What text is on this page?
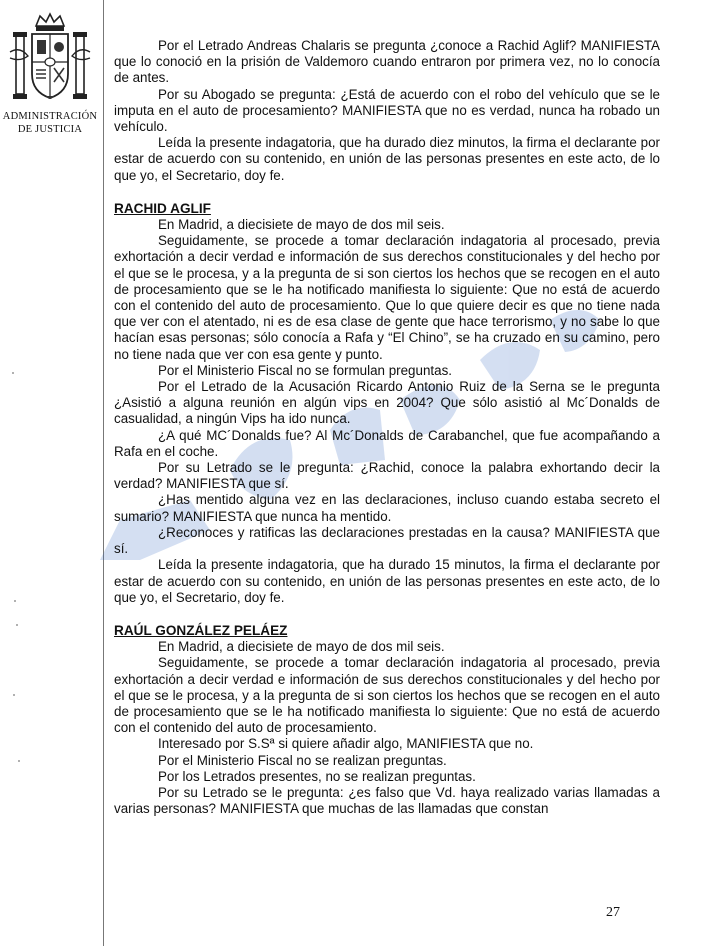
ADMINISTRACIÓN
DE JUSTICIA

Por el Letrado Andreas Chalaris se pregunta ¿conoce a Rachid Aglif? MANIFIESTA que lo conoció en la prisión de Valdemoro cuando entraron por primera vez, no lo conocía de antes.

Por su Abogado se pregunta: ¿Está de acuerdo con el robo del vehículo que se le imputa en el auto de procesamiento? MANIFIESTA que no es verdad, nunca ha robado un vehículo.

Leída la presente indagatoria, que ha durado diez minutos, la firma el declarante por estar de acuerdo con su contenido, en unión de las personas presentes en este acto, de lo que yo, el Secretario, doy fe.

RACHID AGLIF

En Madrid, a diecisiete de mayo de dos mil seis.

Seguidamente, se procede a tomar declaración indagatoria al procesado, previa exhortación a decir verdad e información de sus derechos constitucionales y del hecho por el que se le procesa, y a la pregunta de si son ciertos los hechos que se recogen en el auto de procesamiento que se le ha notificado manifiesta lo siguiente: Que no está de acuerdo con el contenido del auto de procesamiento. Que lo que quiere decir es que no tiene nada que ver con el atentado, ni es de esa clase de gente que hace terrorismo, y no sabe lo que hacían esas personas; sólo conocía a Rafa y “El Chino”, se ha cruzado en su camino, pero no tiene nada que ver con esa gente y punto.

Por el Ministerio Fiscal no se formulan preguntas.

Por el Letrado de la Acusación Ricardo Antonio Ruiz de la Serna se le pregunta ¿Asistió a alguna reunión en algún vips en 2004? Que sólo asistió al Mc´Donalds de casualidad, a ningún Vips ha ido nunca.

¿A qué MC´Donalds fue? Al Mc´Donalds de Carabanchel, que fue acompañando a Rafa en el coche.

Por su Letrado se le pregunta: ¿Rachid, conoce la palabra exhortando decir la verdad? MANIFIESTA que sí.

¿Has mentido alguna vez en las declaraciones, incluso cuando estaba secreto el sumario? MANIFIESTA que nunca ha mentido.

¿Reconoces y ratificas las declaraciones prestadas en la causa? MANIFIESTA que sí.

Leída la presente indagatoria, que ha durado 15 minutos, la firma el declarante por estar de acuerdo con su contenido, en unión de las personas presentes en este acto, de lo que yo, el Secretario, doy fe.

RAÚL GONZÁLEZ PELÁEZ

En Madrid, a diecisiete de mayo de dos mil seis.

Seguidamente, se procede a tomar declaración indagatoria al procesado, previa exhortación a decir verdad e información de sus derechos constitucionales y del hecho por el que se le procesa, y a la pregunta de si son ciertos los hechos que se recogen en el auto de procesamiento que se le ha notificado manifiesta lo siguiente: Que no está de acuerdo con el contenido del auto de procesamiento.

Interesado por S.Sª si quiere añadir algo, MANIFIESTA que no.

Por el Ministerio Fiscal no se realizan preguntas.

Por los Letrados presentes, no se realizan preguntas.

Por su Letrado se le pregunta: ¿es falso que Vd. haya realizado varias llamadas a varias personas? MANIFIESTA que muchas de las llamadas que constan

27
